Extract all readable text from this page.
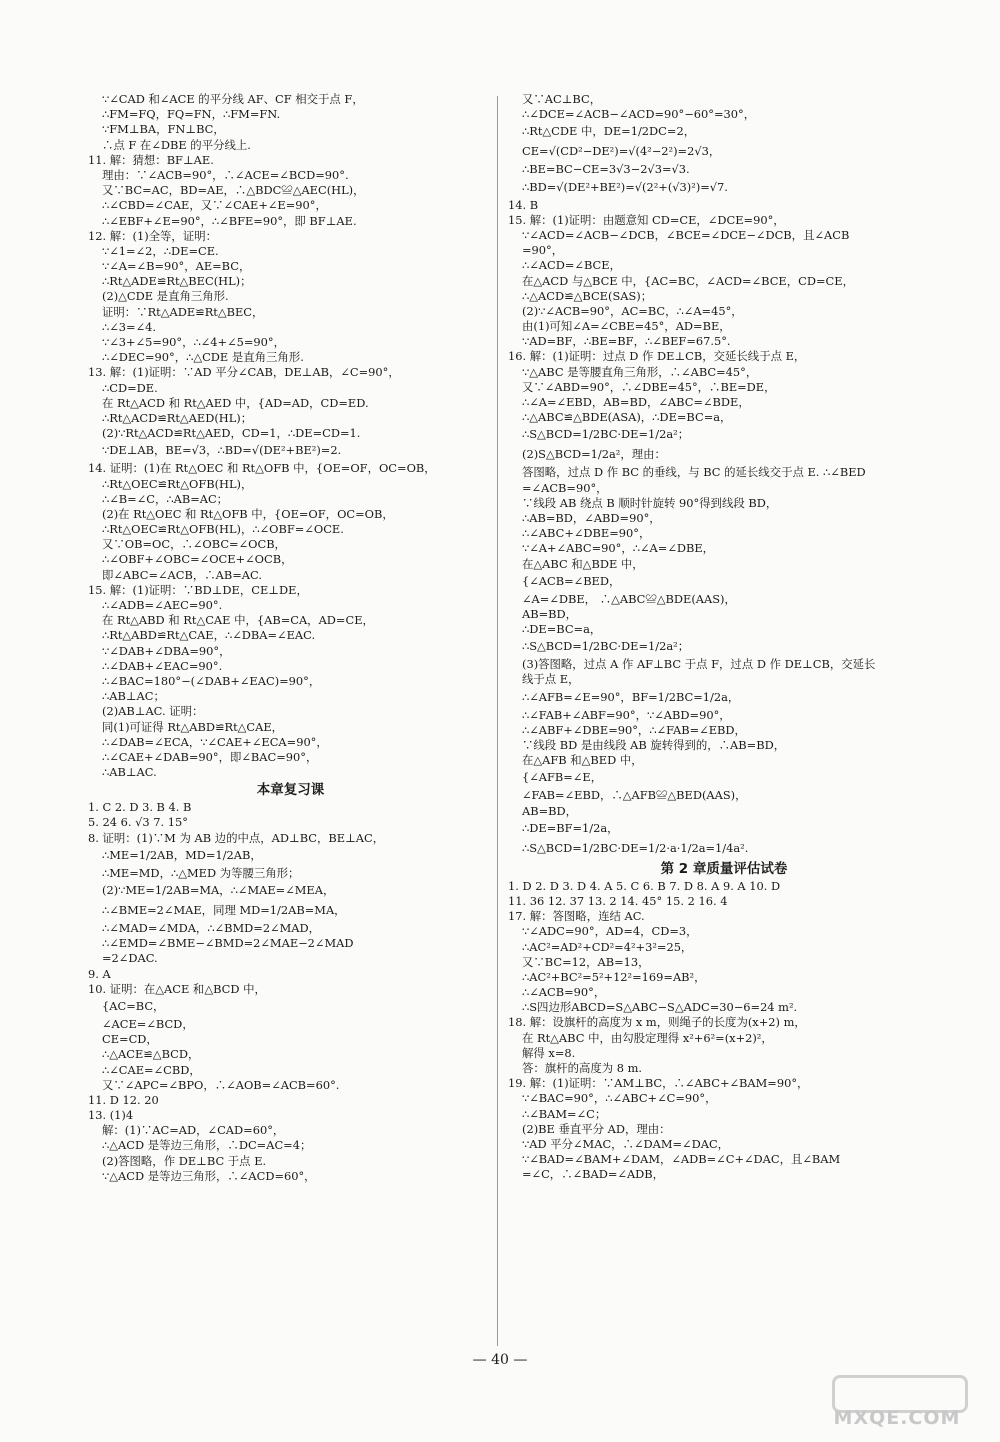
∵∠CAD 和∠ACE 的平分线 AF、CF 相交于点 F，
∴FM=FQ，FQ=FN，∴FM=FN.
∵FM⊥BA，FN⊥BC，
∴点 F 在∠DBE 的平分线上.
11. 解：猜想：BF⊥AE.
理由：∵∠ACB=90°，∴∠ACE=∠BCD=90°.
又∵BC=AC，BD=AE，∴△BDC≌△AEC(HL)，
∴∠CBD=∠CAE，又∵∠CAE+∠E=90°，
∴∠EBF+∠E=90°，∴∠BFE=90°，即 BF⊥AE.
12. 解：(1)全等，证明：
∵∠1=∠2，∴DE=CE.
∵∠A=∠B=90°，AE=BC，
∴Rt△ADE≌Rt△BEC(HL)；
(2)△CDE 是直角三角形.
证明：∵Rt△ADE≌Rt△BEC，
∴∠3=∠4.
∵∠3+∠5=90°，∴∠4+∠5=90°，
∴∠DEC=90°，∴△CDE 是直角三角形.
13. 解：(1)证明：∵AD 平分∠CAB，DE⊥AB，∠C=90°，
∴CD=DE.
在 Rt△ACD 和 Rt△AED 中，{AD=AD，CD=ED.
∴Rt△ACD≌Rt△AED(HL)；
(2)∵Rt△ACD≌Rt△AED，CD=1，∴DE=CD=1.
∵DE⊥AB，BE=√3，∴BD=√(DE²+BE²)=2.
14. 证明：(1)在 Rt△OEC 和 Rt△OFB 中，{OE=OF，OC=OB，
∴Rt△OEC≌Rt△OFB(HL)，
∴∠B=∠C，∴AB=AC；
(2)在 Rt△OEC 和 Rt△OFB 中，{OE=OF，OC=OB，
∴Rt△OEC≌Rt△OFB(HL)，∴∠OBF=∠OCE.
又∵OB=OC，∴∠OBC=∠OCB，
∴∠OBF+∠OBC=∠OCE+∠OCB，
即∠ABC=∠ACB，∴AB=AC.
15. 解：(1)证明：∵BD⊥DE，CE⊥DE，
∴∠ADB=∠AEC=90°.
在 Rt△ABD 和 Rt△CAE 中，{AB=CA，AD=CE，
∴Rt△ABD≌Rt△CAE，∴∠DBA=∠EAC.
∵∠DAB+∠DBA=90°，
∴∠DAB+∠EAC=90°.
∴∠BAC=180°−(∠DAB+∠EAC)=90°，
∴AB⊥AC；
(2)AB⊥AC. 证明：
同(1)可证得 Rt△ABD≌Rt△CAE，
∴∠DAB=∠ECA，∵∠CAE+∠ECA=90°，
∴∠CAE+∠DAB=90°，即∠BAC=90°，
∴AB⊥AC.
本章复习课
1. C 2. D 3. B 4. B
5. 24 6. √3 7. 15°
8. 证明：(1)∵M 为 AB 边的中点，AD⊥BC，BE⊥AC，
∴ME=1/2AB，MD=1/2AB，
∴ME=MD，∴△MED 为等腰三角形；
(2)∵ME=1/2AB=MA，∴∠MAE=∠MEA，
∴∠BME=2∠MAE，同理 MD=1/2AB=MA，
∴∠MAD=∠MDA，∴∠BMD=2∠MAD，
∴∠EMD=∠BME−∠BMD=2∠MAE−2∠MAD
=2∠DAC.
9. A
10. 证明：在△ACE 和△BCD 中，
{AC=BC，
∠ACE=∠BCD，
CE=CD，
∴△ACE≌△BCD，
∴∠CAE=∠CBD，
又∵∠APC=∠BPO，∴∠AOB=∠ACB=60°.
11. D 12. 20
13. (1)4
解：(1)∵AC=AD，∠CAD=60°，
∴△ACD 是等边三角形，∴DC=AC=4；
(2)答图略，作 DE⊥BC 于点 E.
∵△ACD 是等边三角形，∴∠ACD=60°，
又∵AC⊥BC，
∴∠DCE=∠ACB−∠ACD=90°−60°=30°，
∴Rt△CDE 中，DE=1/2DC=2，
CE=√(CD²−DE²)=√(4²−2²)=2√3，
∴BE=BC−CE=3√3−2√3=√3.
∴BD=√(DE²+BE²)=√(2²+(√3)²)=√7.
14. B
15. 解：(1)证明：由题意知 CD=CE，∠DCE=90°，
∵∠ACD=∠ACB−∠DCB，∠BCE=∠DCE−∠DCB，且∠ACB
=90°，
∴∠ACD=∠BCE，
在△ACD 与△BCE 中，{AC=BC，∠ACD=∠BCE，CD=CE，
∴△ACD≌△BCE(SAS)；
(2)∵∠ACB=90°，AC=BC，∴∠A=45°，
由(1)可知∠A=∠CBE=45°，AD=BE，
∵AD=BF，∴BE=BF，∴∠BEF=67.5°.
16. 解：(1)证明：过点 D 作 DE⊥CB，交延长线于点 E，
∵△ABC 是等腰直角三角形，∴∠ABC=45°，
又∵∠ABD=90°，∴∠DBE=45°，∴BE=DE，
∴∠A=∠EBD，AB=BD，∠ABC=∠BDE，
∴△ABC≌△BDE(ASA)，∴DE=BC=a，
∴S△BCD=1/2BC·DE=1/2a²；
(2)S△BCD=1/2a²，理由：
答图略，过点 D 作 BC 的垂线，与 BC 的延长线交于点 E. ∴∠BED
=∠ACB=90°，
∵线段 AB 绕点 B 顺时针旋转 90°得到线段 BD，
∴AB=BD，∠ABD=90°，
∴∠ABC+∠DBE=90°，
∵∠A+∠ABC=90°，∴∠A=∠DBE，
在△ABC 和△BDE 中，
{∠ACB=∠BED，
∠A=∠DBE， ∴△ABC≌△BDE(AAS)，
AB=BD，
∴DE=BC=a，
∴S△BCD=1/2BC·DE=1/2a²；
(3)答图略，过点 A 作 AF⊥BC 于点 F，过点 D 作 DE⊥CB，交延长
线于点 E，
∴∠AFB=∠E=90°，BF=1/2BC=1/2a，
∴∠FAB+∠ABF=90°，∵∠ABD=90°，
∴∠ABF+∠DBE=90°，∴∠FAB=∠EBD，
∵线段 BD 是由线段 AB 旋转得到的，∴AB=BD，
在△AFB 和△BED 中，
{∠AFB=∠E，
∠FAB=∠EBD，∴△AFB≌△BED(AAS)，
AB=BD，
∴DE=BF=1/2a，
∴S△BCD=1/2BC·DE=1/2·a·1/2a=1/4a².
第 2 章质量评估试卷
1. D 2. D 3. D 4. A 5. C 6. B 7. D 8. A 9. A 10. D
11. 36 12. 37 13. 2 14. 45° 15. 2 16. 4
17. 解：答图略，连结 AC.
∵∠ADC=90°，AD=4，CD=3，
∴AC²=AD²+CD²=4²+3²=25，
又∵BC=12，AB=13，
∴AC²+BC²=5²+12²=169=AB²，
∴∠ACB=90°，
∴S四边形ABCD=S△ABC−S△ADC=30−6=24 m².
18. 解：设旗杆的高度为 x m，则绳子的长度为(x+2) m，
在 Rt△ABC 中，由勾股定理得 x²+6²=(x+2)²，
解得 x=8.
答：旗杆的高度为 8 m.
19. 解：(1)证明：∵AM⊥BC，∴∠ABC+∠BAM=90°，
∵∠BAC=90°，∴∠ABC+∠C=90°，
∴∠BAM=∠C；
(2)BE 垂直平分 AD，理由：
∵AD 平分∠MAC，∴∠DAM=∠DAC，
∵∠BAD=∠BAM+∠DAM，∠ADB=∠C+∠DAC，且∠BAM
=∠C，∴∠BAD=∠ADB，
— 40 —
MXQE.COM
